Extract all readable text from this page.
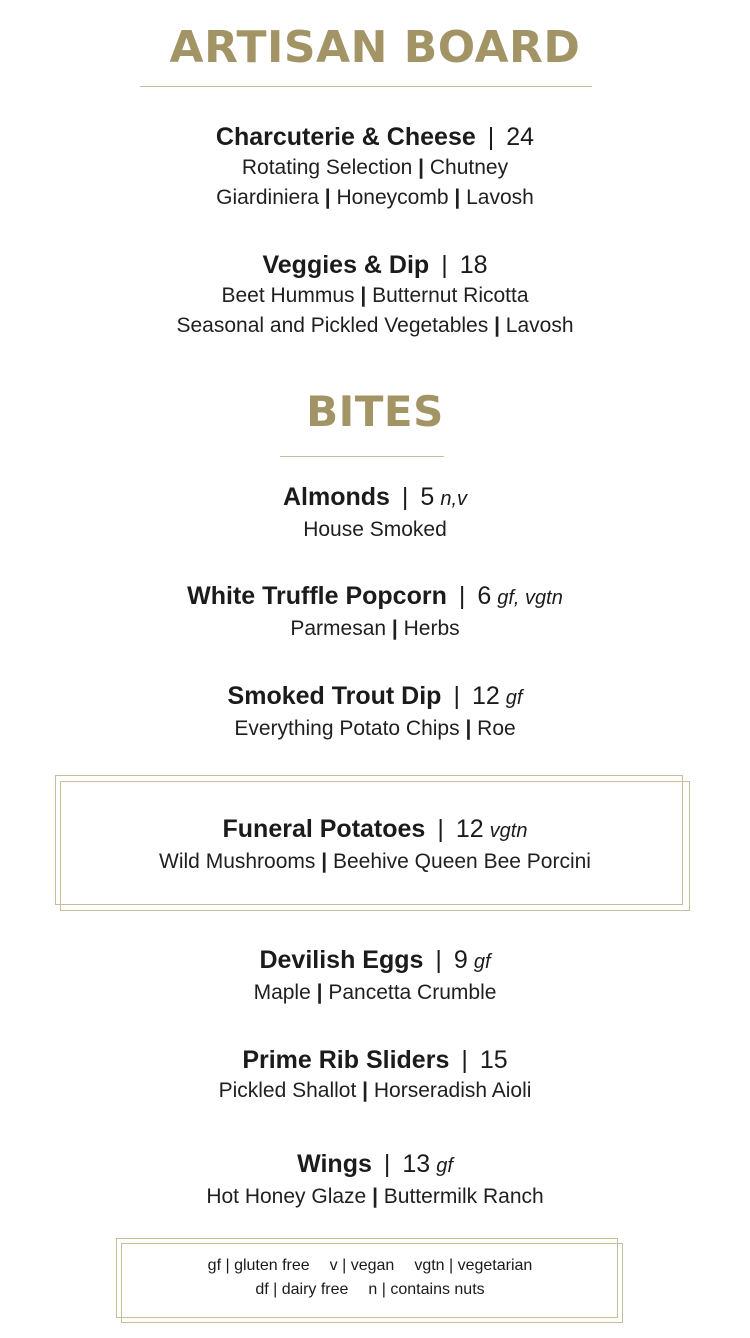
ARTISAN BOARD
Charcuterie & Cheese | 24
Rotating Selection | Chutney
Giardiniera | Honeycomb | Lavosh
Veggies & Dip | 18
Beet Hummus | Butternut Ricotta
Seasonal and Pickled Vegetables | Lavosh
BITES
Almonds | 5 n,v
House Smoked
White Truffle Popcorn | 6 gf, vgtn
Parmesan | Herbs
Smoked Trout Dip | 12 gf
Everything Potato Chips | Roe
Funeral Potatoes | 12 vgtn
Wild Mushrooms | Beehive Queen Bee Porcini
Devilish Eggs | 9 gf
Maple | Pancetta Crumble
Prime Rib Sliders | 15
Pickled Shallot | Horseradish Aioli
Wings | 13 gf
Hot Honey Glaze | Buttermilk Ranch
gf | gluten free v | vegan vgtn | vegetarian
df | dairy free n | contains nuts
